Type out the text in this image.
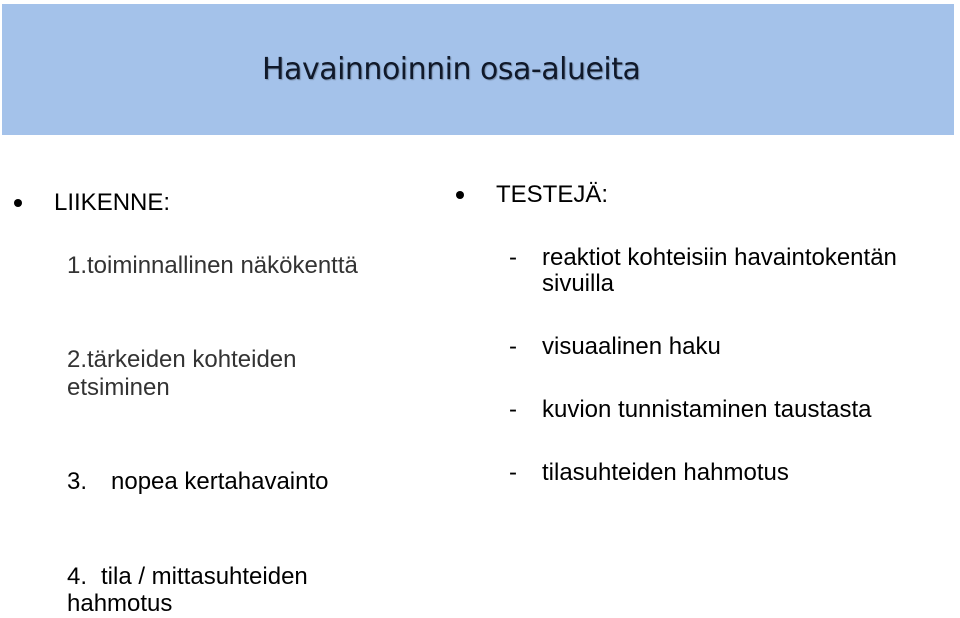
Havainnoinnin osa-alueita
LIIKENNE:
1.toiminnallinen näkökenttä
2.tärkeiden kohteiden
etsiminen
3. nopea kertahavainto
4. tila / mittasuhteiden
hahmotus
TESTEJÄ:
- reaktiot kohteisiin havaintokentän
sivuilla
- visuaalinen haku
- kuvion tunnistaminen taustasta
- tilasuhteiden hahmotus
